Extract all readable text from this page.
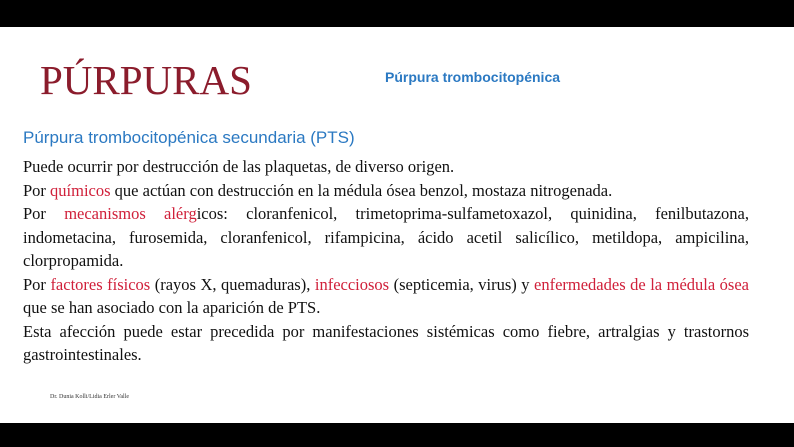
PÚRPURAS	Púrpura trombocitopénica
Púrpura trombocitopénica secundaria (PTS)

Puede ocurrir por destrucción de las plaquetas, de diverso origen.

Por químicos que actúan con destrucción en la médula ósea benzol, mostaza nitrogenada.

Por mecanismos alérgicos: cloranfenicol, trimetoprima-sulfametoxazol, quinidina, fenilbutazona, indometacina, furosemida, cloranfenicol, rifampicina, ácido acetil salicílico, metildopa, ampicilina, clorpropamida.

Por factores físicos (rayos X, quemaduras), infecciosos (septicemia, virus) y enfermedades de la médula ósea que se han asociado con la aparición de PTS.

Esta afección puede estar precedida por manifestaciones sistémicas como fiebre, artralgias y trastornos gastrointestinales.

Dr. Dunia Kolli/Lidia Erler Valle
